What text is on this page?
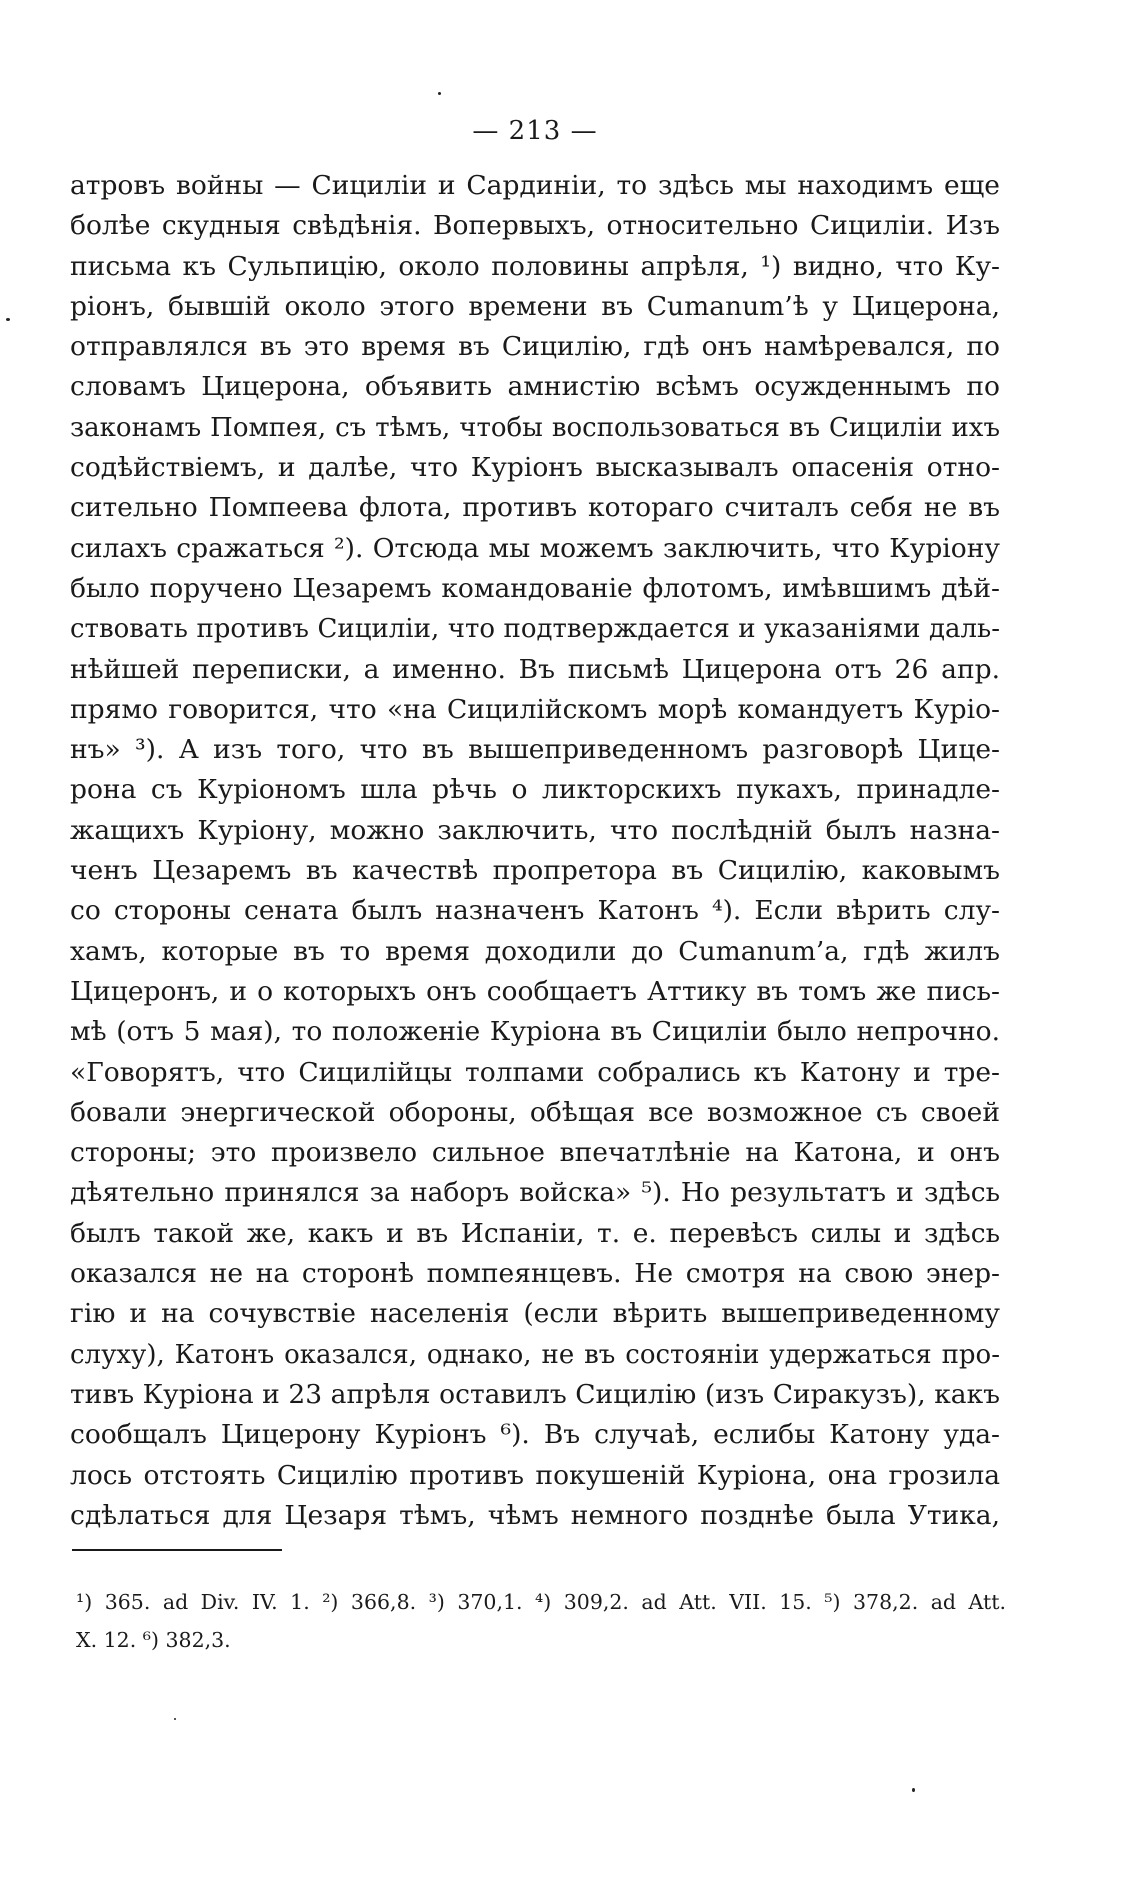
— 213 —
атровъ войны — Сициліи и Сардиніи, то здѣсь мы находимъ еще
болѣе скудныя свѣдѣнія. Вопервыхъ, относительно Сициліи. Изъ
письма къ Сульпицію, около половины апрѣля, ¹) видно, что Ку-
ріонъ, бывшій около этого времени въ Cumanum’ѣ у Цицерона,
отправлялся въ это время въ Сицилію, гдѣ онъ намѣревался, по
словамъ Цицерона, объявить амнистію всѣмъ осужденнымъ по
законамъ Помпея, съ тѣмъ, чтобы воспользоваться въ Сициліи ихъ
содѣйствіемъ, и далѣе, что Куріонъ высказывалъ опасенія отно-
сительно Помпеева флота, противъ котораго считалъ себя не въ
силахъ сражаться ²). Отсюда мы можемъ заключить, что Куріону
было поручено Цезаремъ командованіе флотомъ, имѣвшимъ дѣй-
ствовать противъ Сициліи, что подтверждается и указаніями даль-
нѣйшей переписки, а именно. Въ письмѣ Цицерона отъ 26 апр.
прямо говорится, что «на Сицилійскомъ морѣ командуетъ Куріо-
нъ» ³). А изъ того, что въ вышеприведенномъ разговорѣ Цице-
рона съ Куріономъ шла рѣчь о ликторскихъ пукахъ, принадле-
жащихъ Куріону, можно заключить, что послѣдній былъ назна-
ченъ Цезаремъ въ качествѣ пропретора въ Сицилію, каковымъ
со стороны сената былъ назначенъ Катонъ ⁴). Если вѣрить слу-
хамъ, которые въ то время доходили до Cumanum’а, гдѣ жилъ
Цицеронъ, и о которыхъ онъ сообщаетъ Аттику въ томъ же пись-
мѣ (отъ 5 мая), то положеніе Куріона въ Сициліи было непрочно.
«Говорятъ, что Сицилійцы толпами собрались къ Катону и тре-
бовали энергической обороны, обѣщая все возможное съ своей
стороны; это произвело сильное впечатлѣніе на Катона, и онъ
дѣятельно принялся за наборъ войска» ⁵). Но результатъ и здѣсь
былъ такой же, какъ и въ Испаніи, т. е. перевѣсъ силы и здѣсь
оказался не на сторонѣ помпеянцевъ. Не смотря на свою энер-
гію и на сочувствіе населенія (если вѣрить вышеприведенному
слуху), Катонъ оказался, однако, не въ состояніи удержаться про-
тивъ Куріона и 23 апрѣля оставилъ Сицилію (изъ Сиракузъ), какъ
сообщалъ Цицерону Куріонъ ⁶). Въ случаѣ, еслибы Катону уда-
лось отстоять Сицилію противъ покушеній Куріона, она грозила
сдѣлаться для Цезаря тѣмъ, чѣмъ немного позднѣе была Утика,
¹) 365. ad Div. IV. 1. ²) 366,8. ³) 370,1. ⁴) 309,2. ad Att. VII. 15. ⁵) 378,2. ad Att.
X. 12. ⁶) 382,3.
